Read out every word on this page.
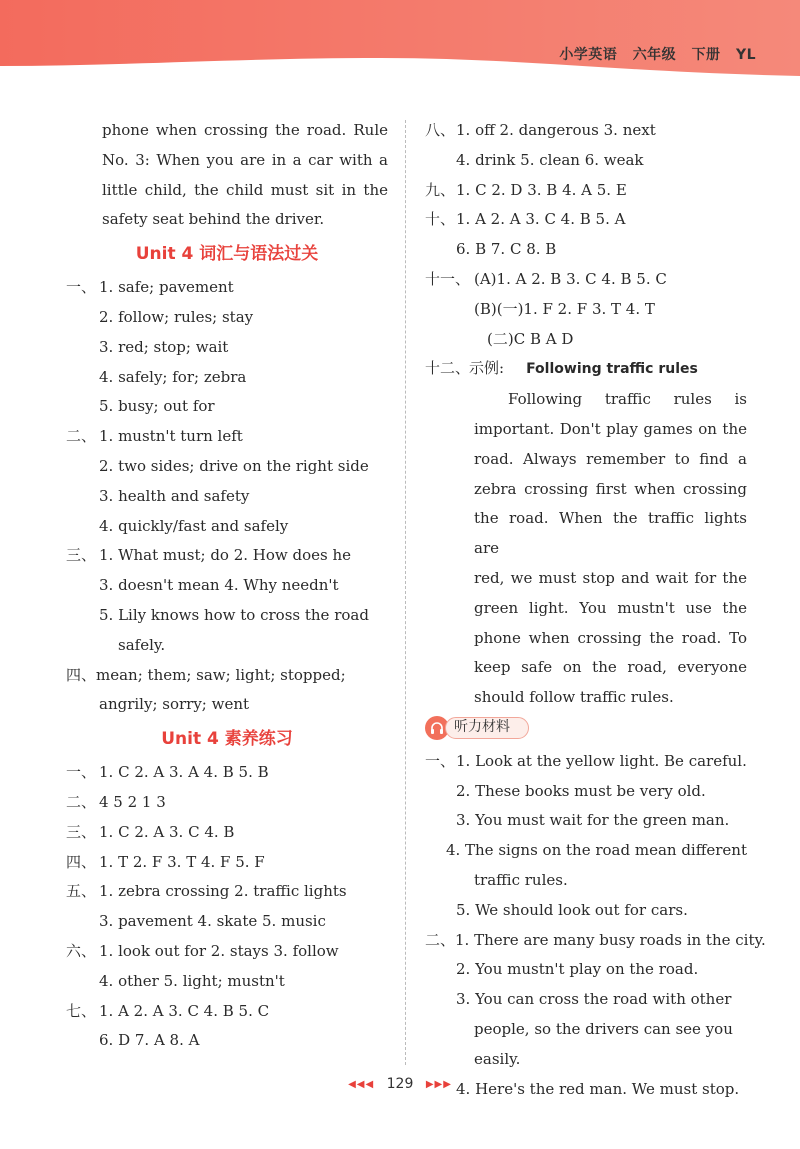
小学英语 六年级 下册 YL
phone when crossing the road. Rule
No. 3: When you are in a car with a
little child, the child must sit in the
safety seat behind the driver.
Unit 4 词汇与语法过关
一、 1. safe; pavement
2. follow; rules; stay
3. red; stop; wait
4. safely; for; zebra
5. busy; out for
二、 1. mustn't turn left
2. two sides; drive on the right side
3. health and safety
4. quickly/fast and safely
三、 1. What must; do 2. How does he
3. doesn't mean 4. Why needn't
5. Lily knows how to cross the road
safely.
四、 mean; them; saw; light; stopped;
angrily; sorry; went
Unit 4 素养练习
一、 1. C 2. A 3. A 4. B 5. B
二、 4 5 2 1 3
三、 1. C 2. A 3. C 4. B
四、 1. T 2. F 3. T 4. F 5. F
五、 1. zebra crossing 2. traffic lights
3. pavement 4. skate 5. music
六、 1. look out for 2. stays 3. follow
4. other 5. light; mustn't
七、 1. A 2. A 3. C 4. B 5. C
6. D 7. A 8. A
八、 1. off 2. dangerous 3. next
4. drink 5. clean 6. weak
九、 1. C 2. D 3. B 4. A 5. E
十、 1. A 2. A 3. C 4. B 5. A
6. B 7. C 8. B
十一、 (A)1. A 2. B 3. C 4. B 5. C
(B)(一)1. F 2. F 3. T 4. T
(二)C B A D
十二、
示例: Following traffic rules
Following traffic rules is
important. Don't play games on the
road. Always remember to find a
zebra crossing first when crossing
the road. When the traffic lights are
red, we must stop and wait for the
green light. You mustn't use the
phone when crossing the road. To
keep safe on the road, everyone
should follow traffic rules.
听力材料
一、 1. Look at the yellow light. Be careful.
2. These books must be very old.
3. You must wait for the green man.
4. The signs on the road mean different
traffic rules.
5. We should look out for cars.
二、 1. There are many busy roads in the city.
2. You mustn't play on the road.
3. You can cross the road with other
people, so the drivers can see you
easily.
4. Here's the red man. We must stop.
◀◀◀ 129 ▶▶▶
